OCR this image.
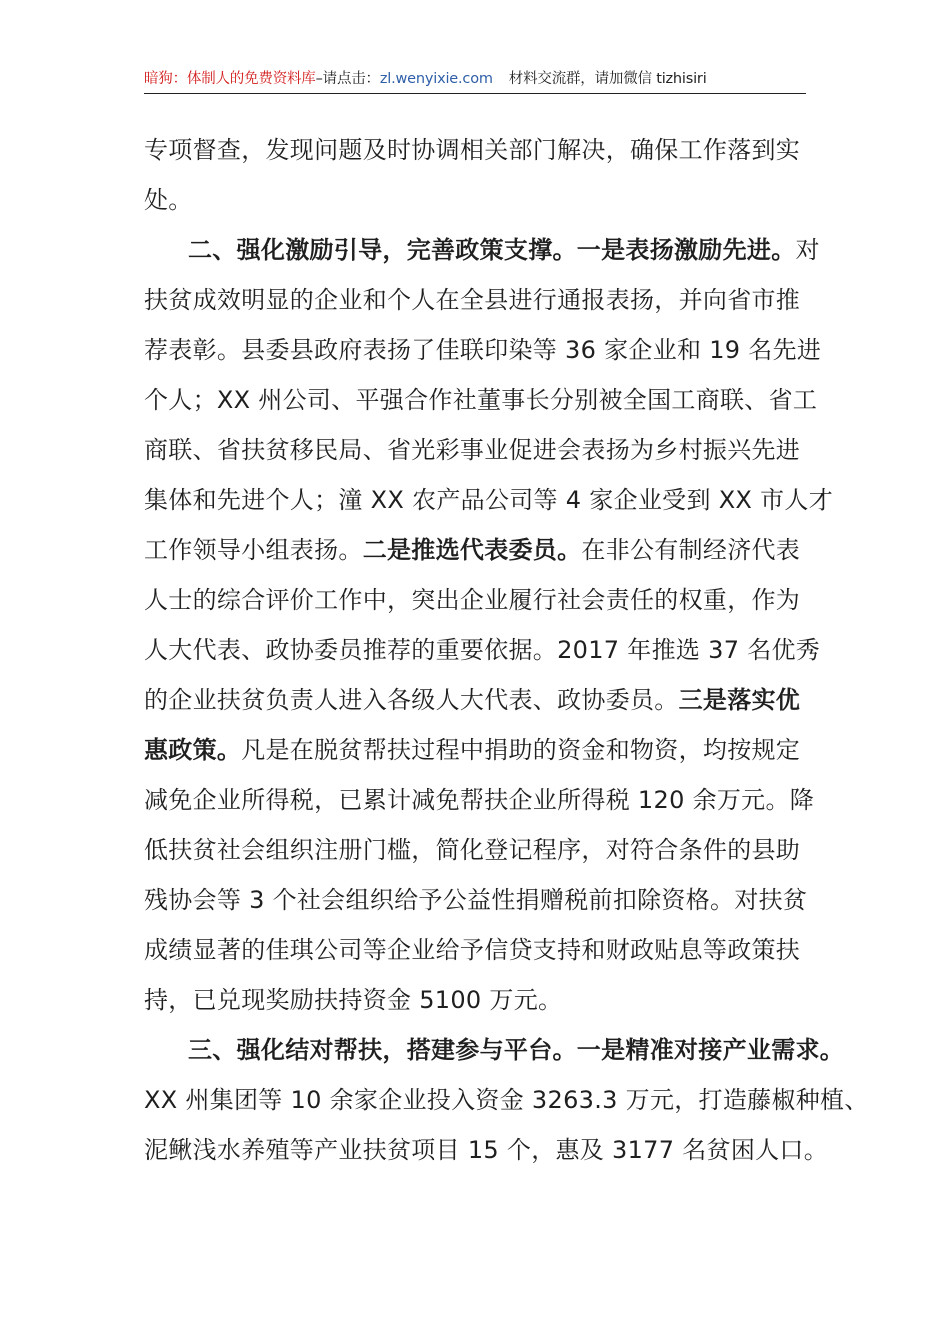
暗狗：体制人的免费资料库–请点击：zl.wenyixie.com 材料交流群，请加微信 tizhisiri
专项督查，发现问题及时协调相关部门解决，确保工作落到实
处。
二、强化激励引导，完善政策支撑。一是表扬激励先进。对
扶贫成效明显的企业和个人在全县进行通报表扬，并向省市推
荐表彰。县委县政府表扬了佳联印染等 36 家企业和 19 名先进
个人；XX 州公司、平强合作社董事长分别被全国工商联、省工
商联、省扶贫移民局、省光彩事业促进会表扬为乡村振兴先进
集体和先进个人；潼 XX 农产品公司等 4 家企业受到 XX 市人才
工作领导小组表扬。二是推选代表委员。在非公有制经济代表
人士的综合评价工作中，突出企业履行社会责任的权重，作为
人大代表、政协委员推荐的重要依据。2017 年推选 37 名优秀
的企业扶贫负责人进入各级人大代表、政协委员。三是落实优
惠政策。凡是在脱贫帮扶过程中捐助的资金和物资，均按规定
减免企业所得税，已累计减免帮扶企业所得税 120 余万元。降
低扶贫社会组织注册门槛，简化登记程序，对符合条件的县助
残协会等 3 个社会组织给予公益性捐赠税前扣除资格。对扶贫
成绩显著的佳琪公司等企业给予信贷支持和财政贴息等政策扶
持，已兑现奖励扶持资金 5100 万元。
三、强化结对帮扶，搭建参与平台。一是精准对接产业需求。
XX 州集团等 10 余家企业投入资金 3263.3 万元，打造藤椒种植、
泥鳅浅水养殖等产业扶贫项目 15 个，惠及 3177 名贫困人口。
